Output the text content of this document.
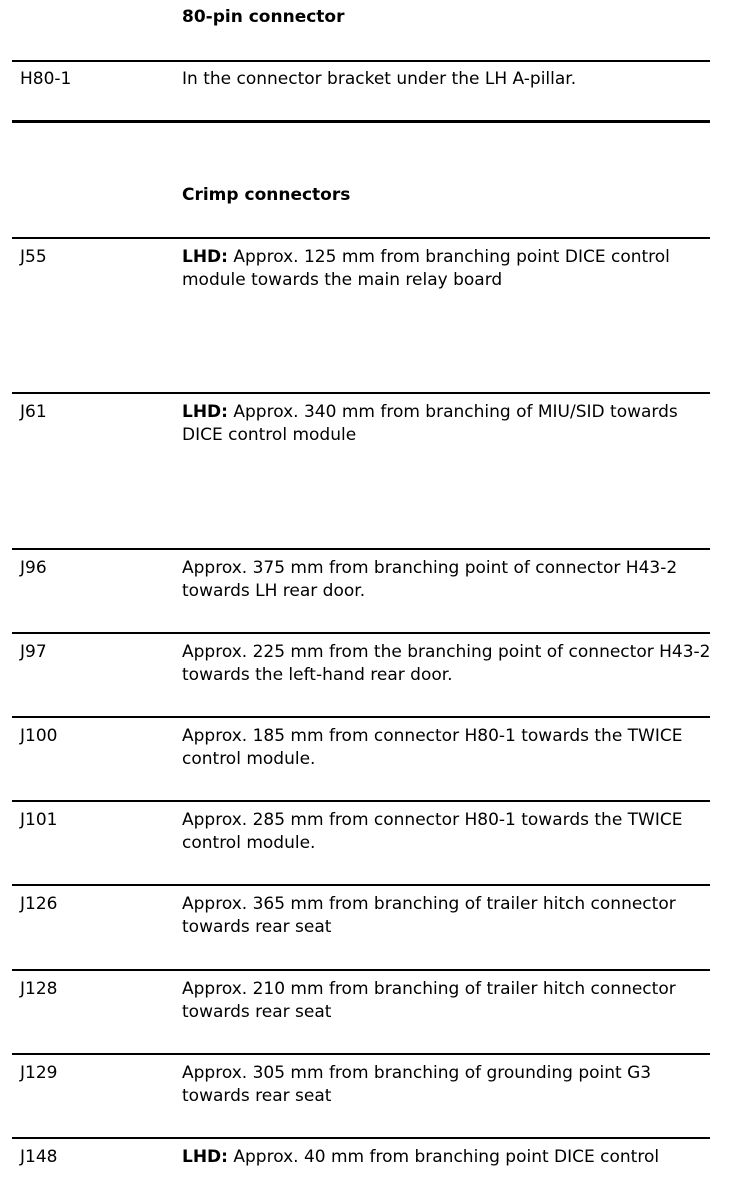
80-pin connector
H80-1	In the connector bracket under the LH A-pillar.
Crimp connectors
J55	LHD: Approx. 125 mm from branching point DICE control module towards the main relay board
J61	LHD: Approx. 340 mm from branching of MIU/SID towards DICE control module
J96	Approx. 375 mm from branching point of connector H43-2 towards LH rear door.
J97	Approx. 225 mm from the branching point of connector H43-2 towards the left-hand rear door.
J100	Approx. 185 mm from connector H80-1 towards the TWICE control module.
J101	Approx. 285 mm from connector H80-1 towards the TWICE control module.
J126	Approx. 365 mm from branching of trailer hitch connector towards rear seat
J128	Approx. 210 mm from branching of trailer hitch connector towards rear seat
J129	Approx. 305 mm from branching of grounding point G3 towards rear seat
J148	LHD: Approx. 40 mm from branching point DICE control
